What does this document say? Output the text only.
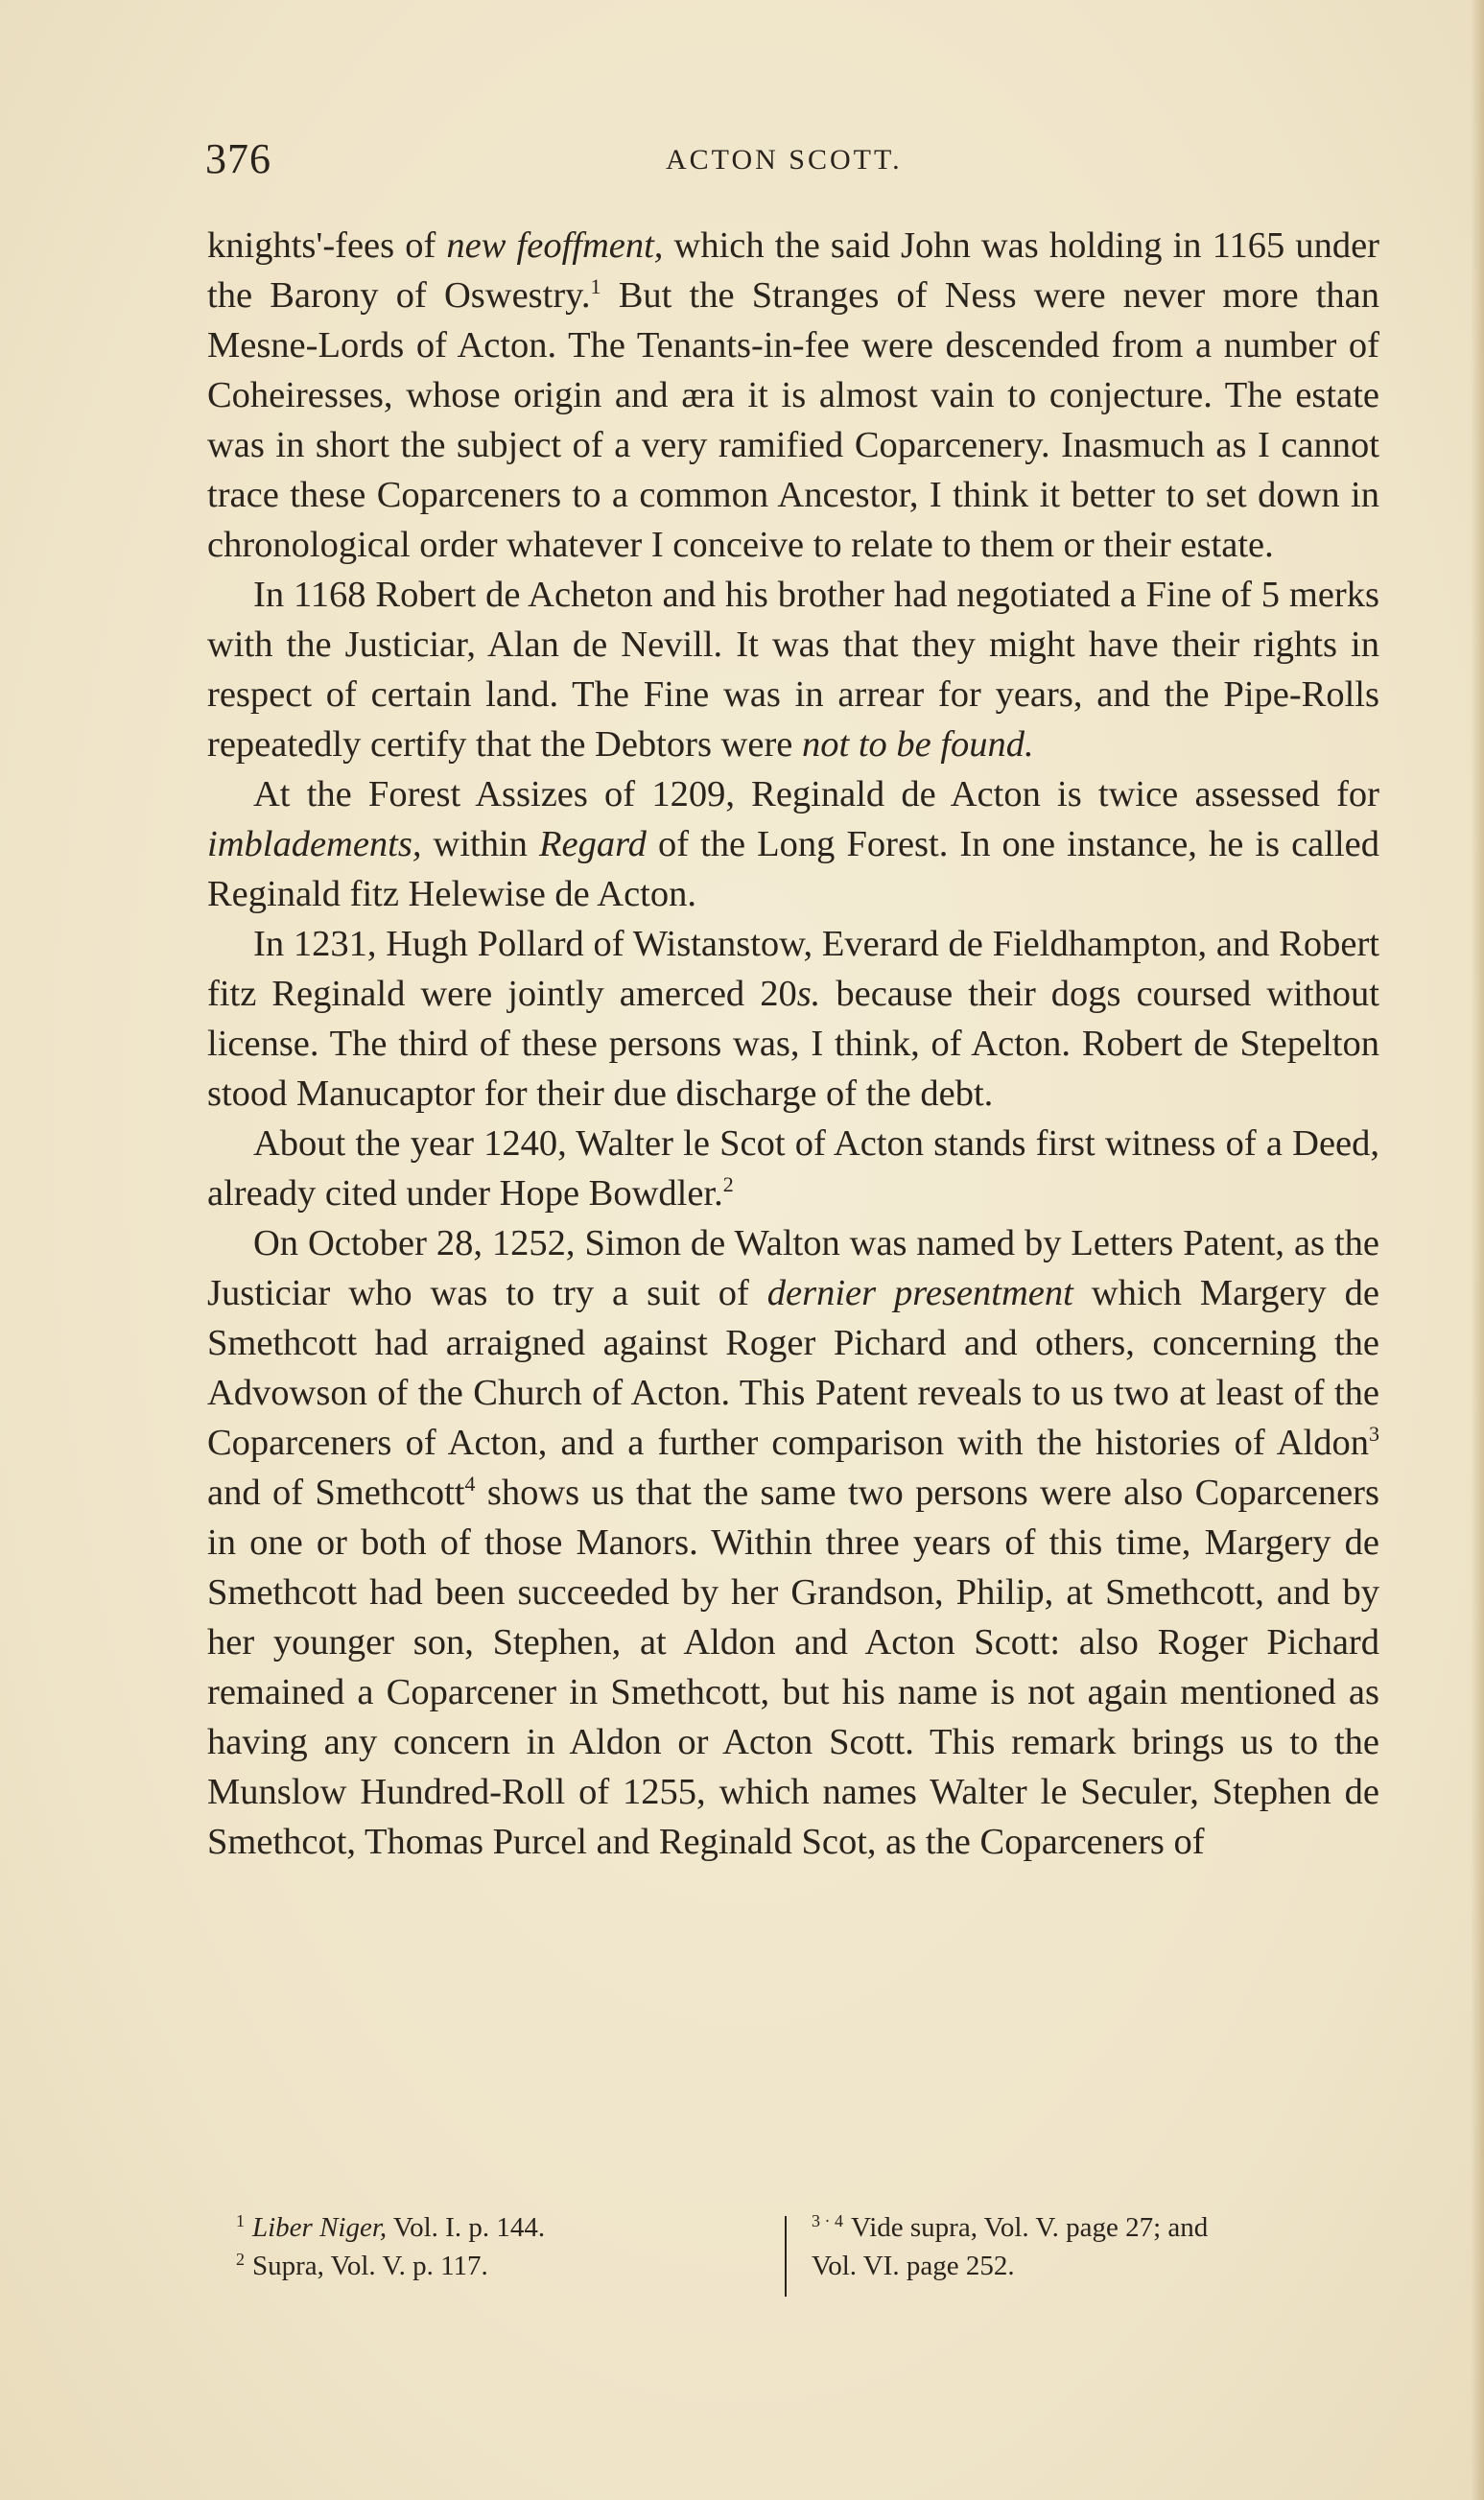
376	ACTON SCOTT.

knights'-fees of new feoffment, which the said John was holding in 1165 under the Barony of Oswestry.$^1$ But the Stranges of Ness were never more than Mesne-Lords of Acton. The Tenants-in-fee were descended from a number of Coheiresses, whose origin and æra it is almost vain to conjecture. The estate was in short the subject of a very ramified Coparcenery. Inasmuch as I cannot trace these Coparceners to a common Ancestor, I think it better to set down in chronological order whatever I conceive to relate to them or their estate.

In 1168 Robert de Acheton and his brother had negotiated a Fine of 5 merks with the Justiciar, Alan de Nevill. It was that they might have their rights in respect of certain land. The Fine was in arrear for years, and the Pipe-Rolls repeatedly certify that the Debtors were not to be found.

At the Forest Assizes of 1209, Reginald de Acton is twice assessed for imbladements, within Regard of the Long Forest. In one instance, he is called Reginald fitz Helewise de Acton.

In 1231, Hugh Pollard of Wistanstow, Everard de Fieldhampton, and Robert fitz Reginald were jointly amerced 20s. because their dogs coursed without license. The third of these persons was, I think, of Acton. Robert de Stepelton stood Manucaptor for their due discharge of the debt.

About the year 1240, Walter le Scot of Acton stands first witness of a Deed, already cited under Hope Bowdler.$^2$

On October 28, 1252, Simon de Walton was named by Letters Patent, as the Justiciar who was to try a suit of dernier presentment which Margery de Smethcott had arraigned against Roger Pichard and others, concerning the Advowson of the Church of Acton. This Patent reveals to us two at least of the Coparceners of Acton, and a further comparison with the histories of Aldon$^3$ and of Smethcott$^4$ shows us that the same two persons were also Coparceners in one or both of those Manors. Within three years of this time, Margery de Smethcott had been succeeded by her Grandson, Philip, at Smethcott, and by her younger son, Stephen, at Aldon and Acton Scott: also Roger Pichard remained a Coparcener in Smethcott, but his name is not again mentioned as having any concern in Aldon or Acton Scott. This remark brings us to the Munslow Hundred-Roll of 1255, which names Walter le Seculer, Stephen de Smethcot, Thomas Purcel and Reginald Scot, as the Coparceners of

$^1$ Liber Niger, Vol. I. p. 144.
$^2$ Supra, Vol. V. p. 117.
$^{3 \cdot 4}$ Vide supra, Vol. V. page 27; and
Vol. VI. page 252.
